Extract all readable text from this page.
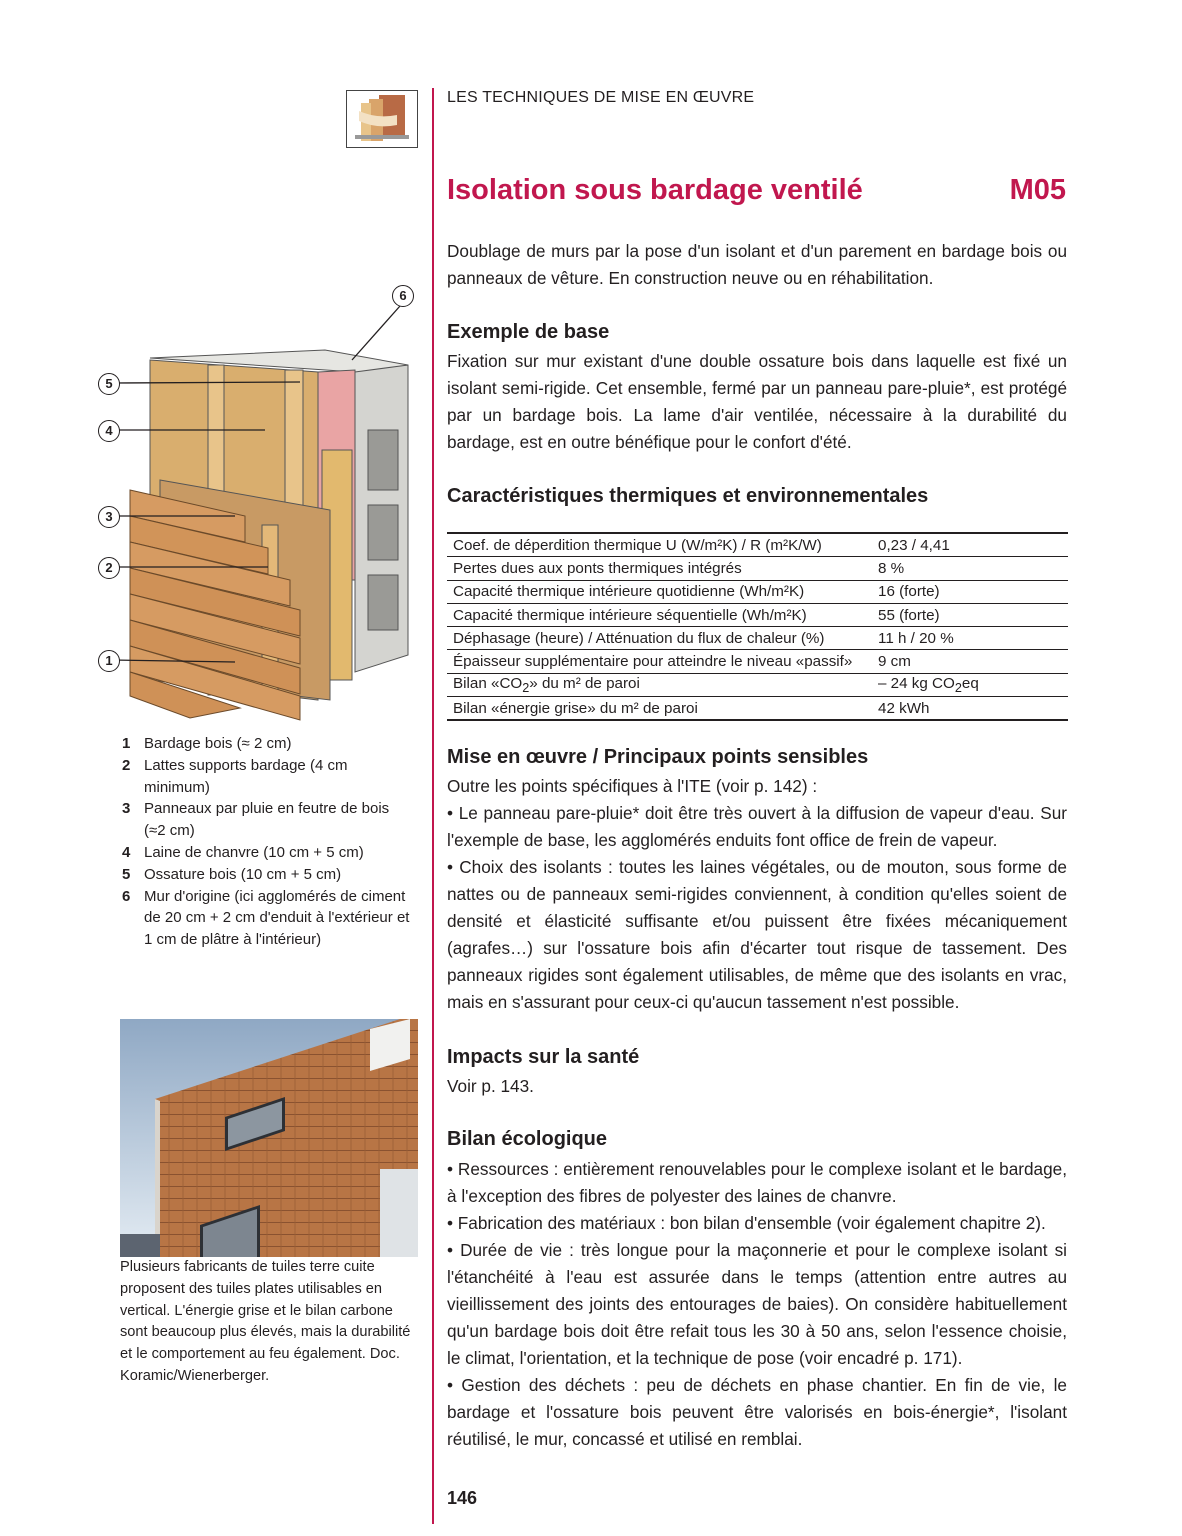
LES TECHNIQUES DE MISE EN ŒUVRE
Isolation sous bardage ventilé	M05
Doublage de murs par la pose d'un isolant et d'un parement en bardage bois ou panneaux de vêture. En construction neuve ou en réhabilitation.
Exemple de base
Fixation sur mur existant d'une double ossature bois dans laquelle est fixé un isolant semi-rigide. Cet ensemble, fermé par un panneau pare-pluie*, est protégé par un bardage bois. La lame d'air ventilée, nécessaire à la durabilité du bardage, est en outre bénéfique pour le confort d'été.
Caractéristiques thermiques et environnementales
Coef. de déperdition thermique U (W/m²K) / R (m²K/W)	0,23 / 4,41
Pertes dues aux ponts thermiques intégrés	8 %
Capacité thermique intérieure quotidienne (Wh/m²K)	16 (forte)
Capacité thermique intérieure séquentielle (Wh/m²K)	55 (forte)
Déphasage (heure) / Atténuation du flux de chaleur (%)	11 h / 20 %
Épaisseur supplémentaire pour atteindre le niveau «passif»	9 cm
Bilan «$CO_2$» du m² de paroi	– 24 kg $CO_2eq$
Bilan «énergie grise» du m² de paroi	42 kWh
Mise en œuvre / Principaux points sensibles
Outre les points spécifiques à l'ITE (voir p. 142) :
• Le panneau pare-pluie* doit être très ouvert à la diffusion de vapeur d'eau. Sur l'exemple de base, les agglomérés enduits font office de frein de vapeur.
• Choix des isolants : toutes les laines végétales, ou de mouton, sous forme de nattes ou de panneaux semi-rigides conviennent, à condition qu'elles soient de densité et élasticité suffisante et/ou puissent être fixées mécaniquement (agrafes…) sur l'ossature bois afin d'écarter tout risque de tassement. Des panneaux rigides sont également utilisables, de même que des isolants en vrac, mais en s'assurant pour ceux-ci qu'aucun tassement n'est possible.
Impacts sur la santé
Voir p. 143.
Bilan écologique
• Ressources : entièrement renouvelables pour le complexe isolant et le bardage, à l'exception des fibres de polyester des laines de chanvre.
• Fabrication des matériaux : bon bilan d'ensemble (voir également chapitre 2).
• Durée de vie : très longue pour la maçonnerie et pour le complexe isolant si l'étanchéité à l'eau est assurée dans le temps (attention entre autres au vieillissement des joints des entourages de baies). On considère habituellement qu'un bardage bois doit être refait tous les 30 à 50 ans, selon l'essence choisie, le climat, l'orientation, et la technique de pose (voir encadré p. 171).
• Gestion des déchets : peu de déchets en phase chantier. En fin de vie, le bardage et l'ossature bois peuvent être valorisés en bois-énergie*, l'isolant réutilisé, le mur, concassé et utilisé en remblai.
146
5
4
3
2
1
6
1 Bardage bois (≈ 2 cm)
2 Lattes supports bardage (4 cm minimum)
3 Panneaux par pluie en feutre de bois (≈2 cm)
4 Laine de chanvre (10 cm + 5 cm)
5 Ossature bois (10 cm + 5 cm)
6 Mur d'origine (ici agglomérés de ciment de 20 cm + 2 cm d'enduit à l'extérieur et 1 cm de plâtre à l'intérieur)
Plusieurs fabricants de tuiles terre cuite proposent des tuiles plates utilisables en vertical. L'énergie grise et le bilan carbone sont beaucoup plus élevés, mais la durabilité et le comportement au feu également. Doc. Koramic/Wienerberger.
